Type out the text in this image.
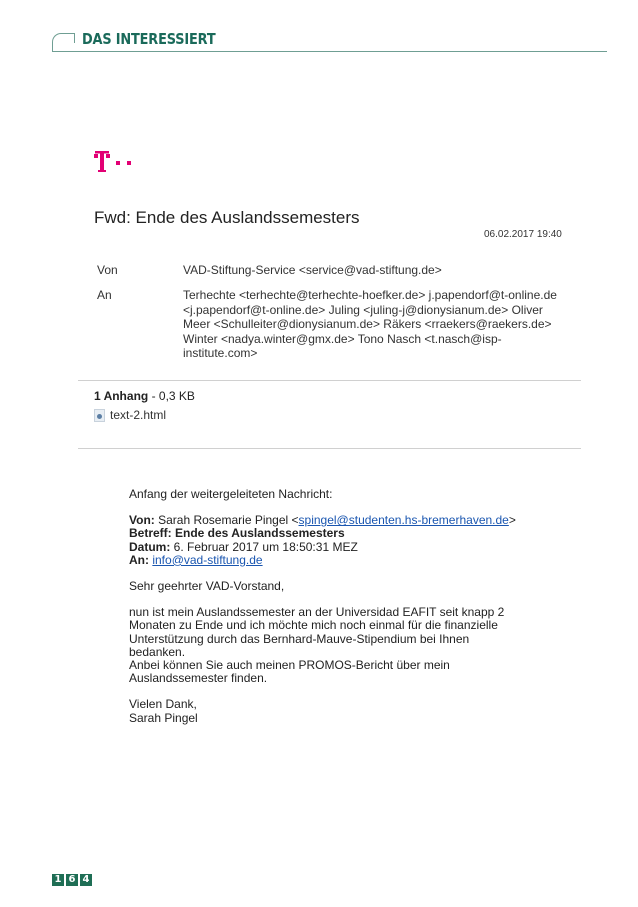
DAS INTERESSIERT
Fwd: Ende des Auslandssemesters
06.02.2017 19:40
Von	VAD-Stiftung-Service <service@vad-stiftung.de>
An	Terhechte <terhechte@terhechte-hoefker.de> j.papendorf@t-online.de
<j.papendorf@t-online.de> Juling <juling-j@dionysianum.de> Oliver
Meer <Schulleiter@dionysianum.de> Räkers <rraekers@raekers.de>
Winter <nadya.winter@gmx.de> Tono Nasch <t.nasch@isp-
institute.com>
1 Anhang - 0,3 KB
text-2.html

Anfang der weitergeleiteten Nachricht:

Von: Sarah Rosemarie Pingel <spingel@studenten.hs-bremerhaven.de>

Betreff: Ende des Auslandssemesters

Datum: 6. Februar 2017 um 18:50:31 MEZ

An: info@vad-stiftung.de

Sehr geehrter VAD-Vorstand,

nun ist mein Auslandssemester an der Universidad EAFIT seit knapp 2

Monaten zu Ende und ich möchte mich noch einmal für die finanzielle

Unterstützung durch das Bernhard-Mauve-Stipendium bei Ihnen

bedanken.

Anbei können Sie auch meinen PROMOS-Bericht über mein

Auslandssemester finden.

Vielen Dank,

Sarah Pingel

1 6 4
